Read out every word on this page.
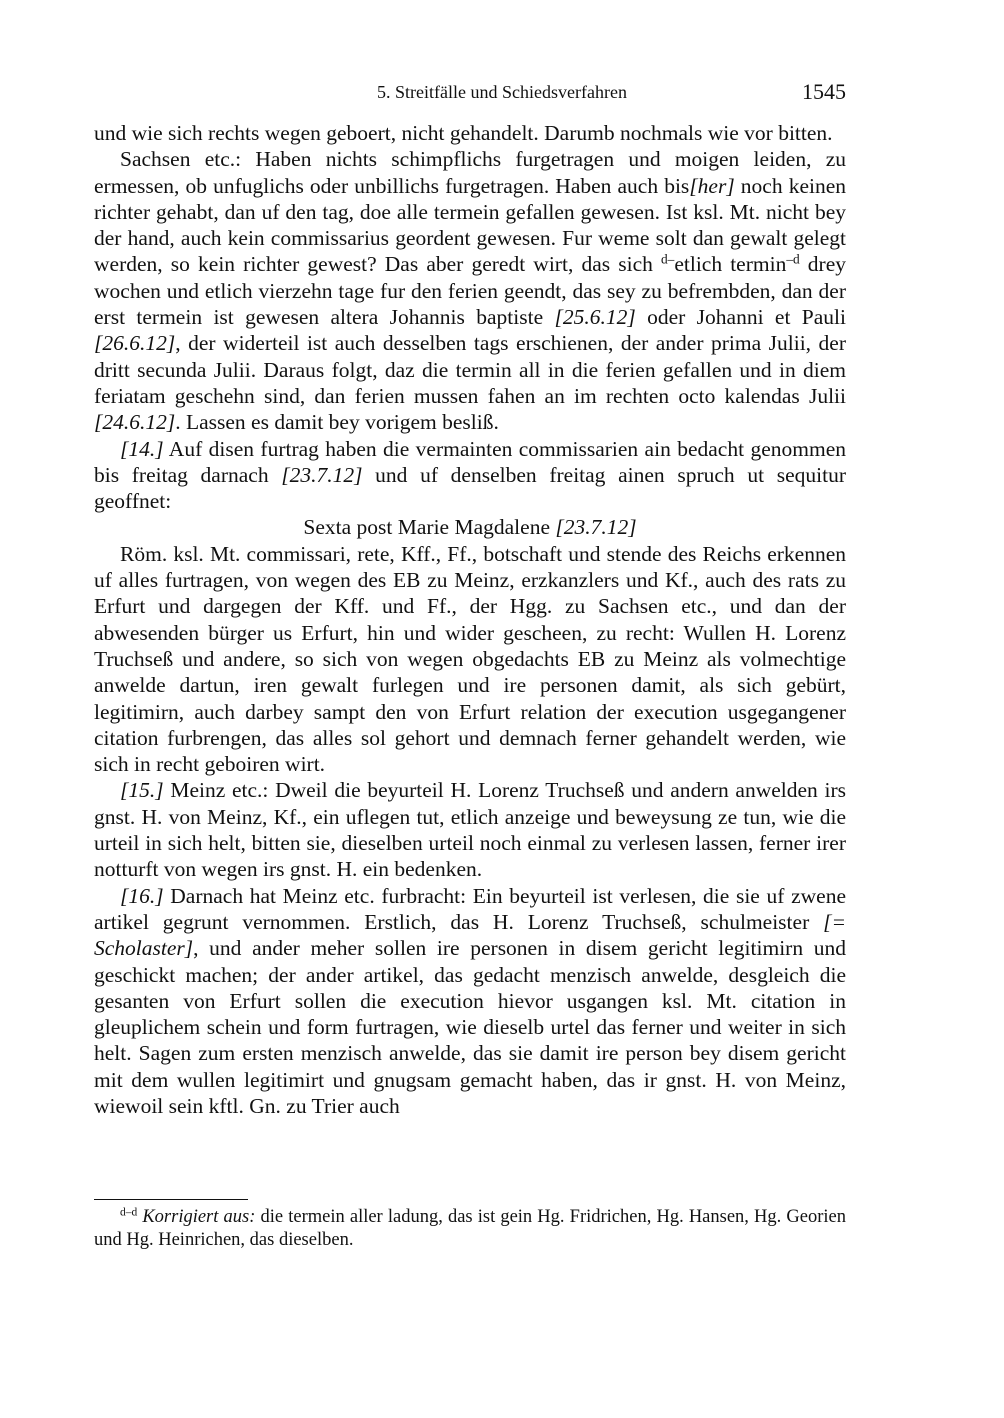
5. Streitfälle und Schiedsverfahren	1545

und wie sich rechts wegen geboert, nicht gehandelt. Darumb nochmals wie vor bitten.

Sachsen etc.: Haben nichts schimpflichs furgetragen und moigen leiden, zu ermessen, ob unfuglichs oder unbillichs furgetragen. Haben auch bis[her] noch keinen richter gehabt, dan uf den tag, doe alle termein gefallen gewesen. Ist ksl. Mt. nicht bey der hand, auch kein commissarius geordent gewesen. Fur weme solt dan gewalt gelegt werden, so kein richter gewest? Das aber geredt wirt, das sich $^{d-}$etlich termin$^{-d}$ drey wochen und etlich vierzehn tage fur den ferien geendt, das sey zu befrembden, dan der erst termein ist gewesen altera Johannis baptiste [25.6.12] oder Johanni et Pauli [26.6.12], der widerteil ist auch desselben tags erschienen, der ander prima Julii, der dritt secunda Julii. Daraus folgt, daz die termin all in die ferien gefallen und in diem feriatam geschehn sind, dan ferien mussen fahen an im rechten octo kalendas Julii [24.6.12]. Lassen es damit bey vorigem besliß.

[14.] Auf disen furtrag haben die vermainten commissarien ain bedacht genommen bis freitag darnach [23.7.12] und uf denselben freitag ainen spruch ut sequitur geoffnet:

Sexta post Marie Magdalene [23.7.12]

Röm. ksl. Mt. commissari, rete, Kff., Ff., botschaft und stende des Reichs erkennen uf alles furtragen, von wegen des EB zu Meinz, erzkanzlers und Kf., auch des rats zu Erfurt und dargegen der Kff. und Ff., der Hgg. zu Sachsen etc., und dan der abwesenden bürger us Erfurt, hin und wider gescheen, zu recht: Wullen H. Lorenz Truchseß und andere, so sich von wegen obgedachts EB zu Meinz als volmechtige anwelde dartun, iren gewalt furlegen und ire personen damit, als sich gebürt, legitimirn, auch darbey sampt den von Erfurt relation der execution usgegangener citation furbrengen, das alles sol gehort und demnach ferner gehandelt werden, wie sich in recht geboiren wirt.

[15.] Meinz etc.: Dweil die beyurteil H. Lorenz Truchseß und andern anwelden irs gnst. H. von Meinz, Kf., ein uflegen tut, etlich anzeige und beweysung ze tun, wie die urteil in sich helt, bitten sie, dieselben urteil noch einmal zu verlesen lassen, ferner irer notturft von wegen irs gnst. H. ein bedenken.

[16.] Darnach hat Meinz etc. furbracht: Ein beyurteil ist verlesen, die sie uf zwene artikel gegrunt vernommen. Erstlich, das H. Lorenz Truchseß, schulmeister [= Scholaster], und ander meher sollen ire personen in disem gericht legitimirn und geschickt machen; der ander artikel, das gedacht menzisch anwelde, desgleich die gesanten von Erfurt sollen die execution hievor usgangen ksl. Mt. citation in gleuplichem schein und form furtragen, wie dieselb urtel das ferner und weiter in sich helt. Sagen zum ersten menzisch anwelde, das sie damit ire person bey disem gericht mit dem wullen legitimirt und gnugsam gemacht haben, das ir gnst. H. von Meinz, wiewoil sein kftl. Gn. zu Trier auch

$^{d-d}$ Korrigiert aus: die termein aller ladung, das ist gein Hg. Fridrichen, Hg. Hansen, Hg. Georien und Hg. Heinrichen, das dieselben.
